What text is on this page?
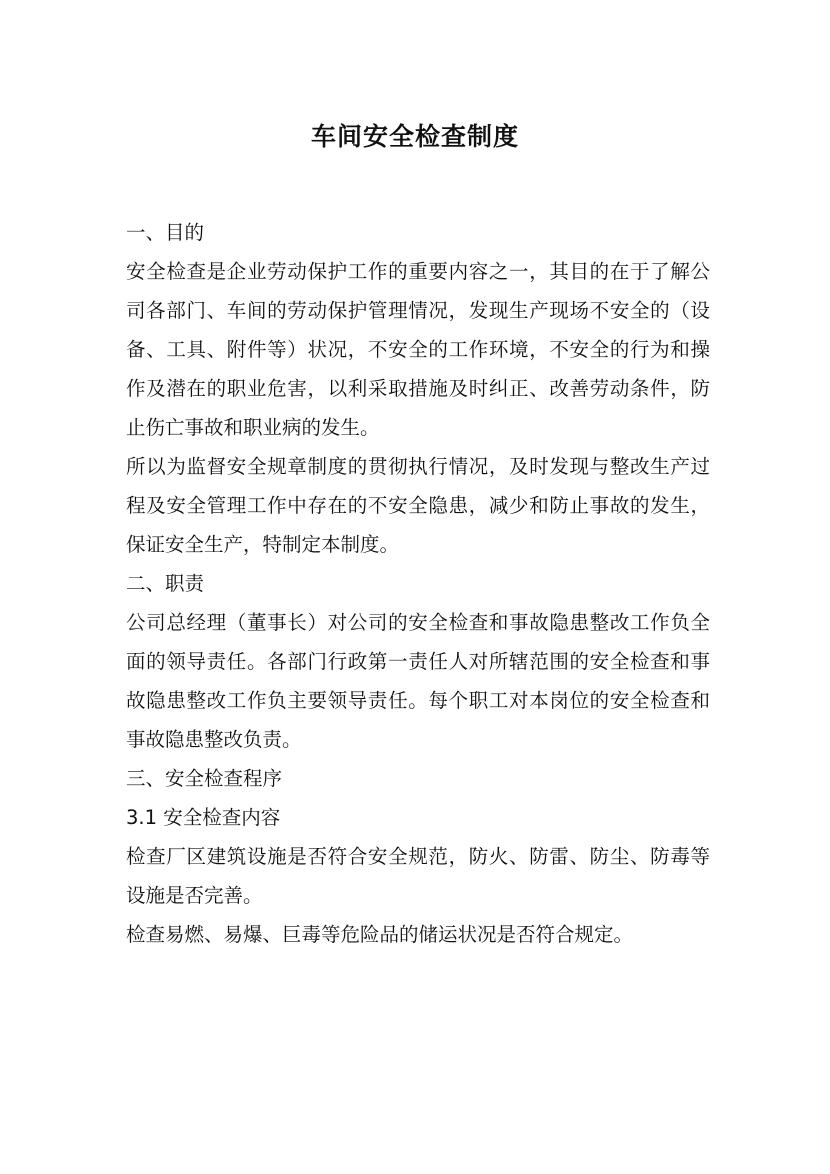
车间安全检查制度

一、目的

安全检查是企业劳动保护工作的重要内容之一，其目的在于了解公司各部门、车间的劳动保护管理情况，发现生产现场不安全的（设备、工具、附件等）状况，不安全的工作环境，不安全的行为和操作及潜在的职业危害，以利采取措施及时纠正、改善劳动条件，防止伤亡事故和职业病的发生。

所以为监督安全规章制度的贯彻执行情况，及时发现与整改生产过程及安全管理工作中存在的不安全隐患，减少和防止事故的发生，保证安全生产，特制定本制度。

二、职责

公司总经理（董事长）对公司的安全检查和事故隐患整改工作负全面的领导责任。各部门行政第一责任人对所辖范围的安全检查和事故隐患整改工作负主要领导责任。每个职工对本岗位的安全检查和事故隐患整改负责。

三、安全检查程序

3.1 安全检查内容

检查厂区建筑设施是否符合安全规范，防火、防雷、防尘、防毒等设施是否完善。

检查易燃、易爆、巨毒等危险品的储运状况是否符合规定。
